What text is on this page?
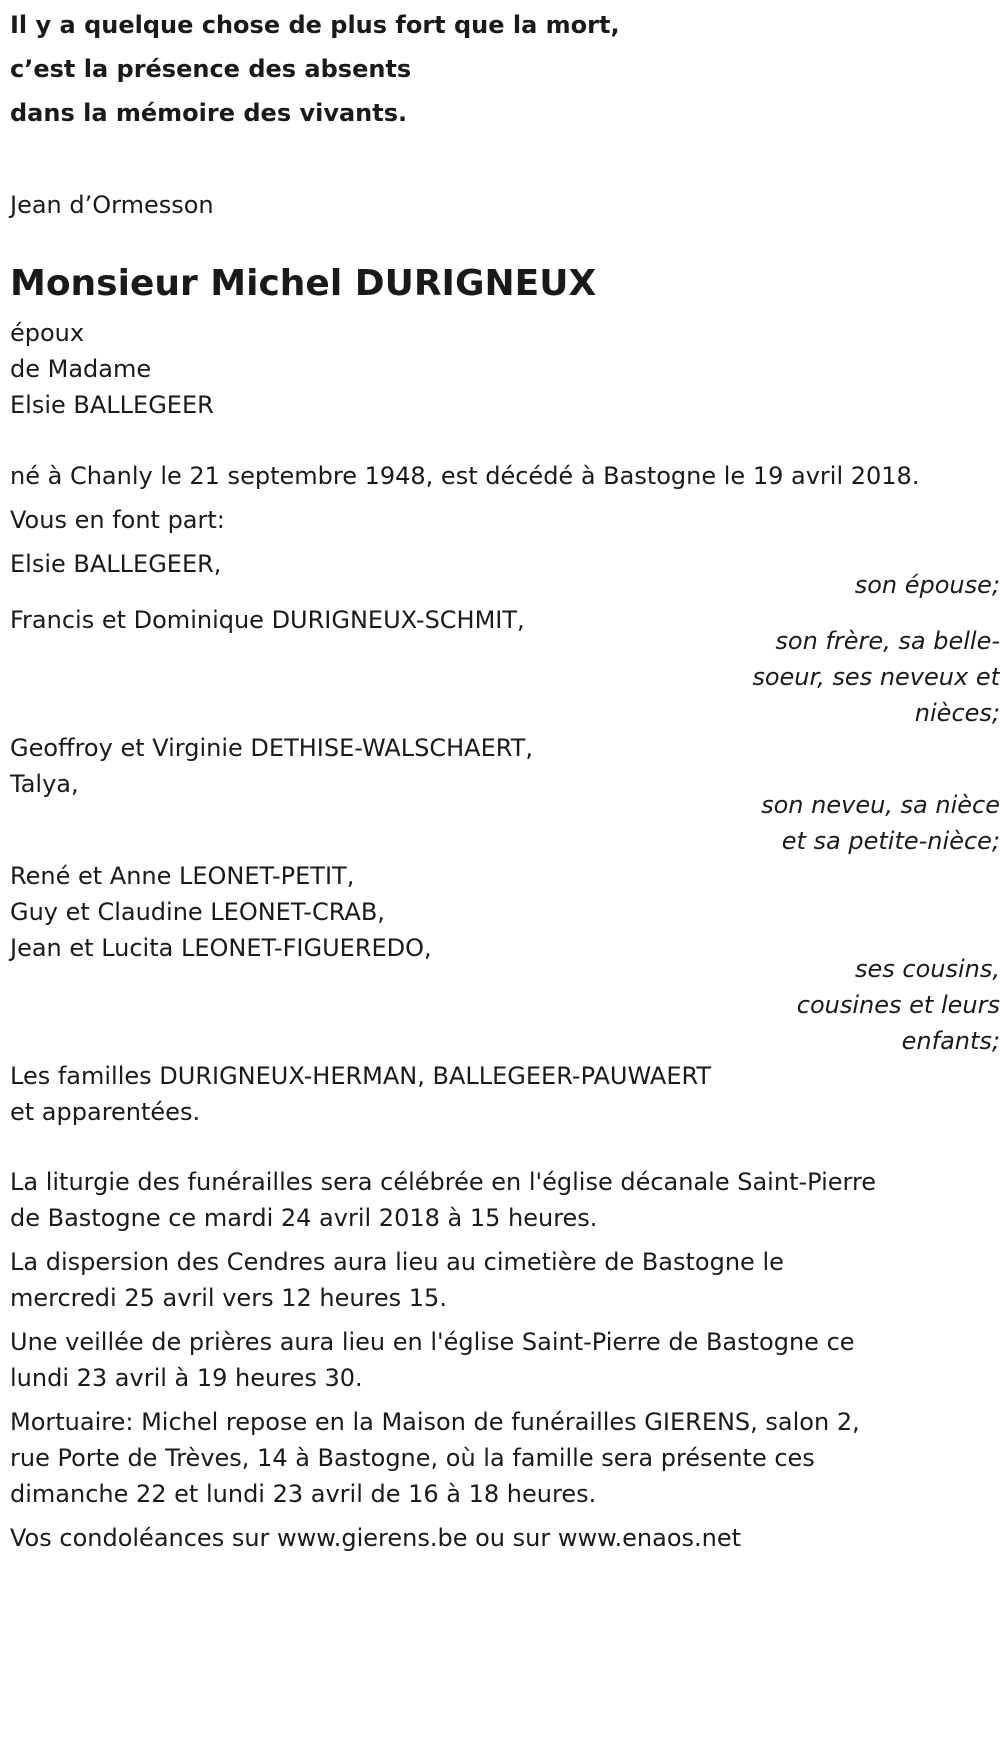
Il y a quelque chose de plus fort que la mort,

c’est la présence des absents

dans la mémoire des vivants.

Jean d’Ormesson

Monsieur Michel DURIGNEUX

époux

de Madame

Elsie BALLEGEER

né à Chanly le 21 septembre 1948, est décédé à Bastogne le 19 avril 2018.

Vous en font part:

Elsie BALLEGEER,

son épouse;

Francis et Dominique DURIGNEUX-SCHMIT,

son frère, sa belle-

soeur, ses neveux et

nièces;

Geoffroy et Virginie DETHISE-WALSCHAERT,

Talya,

son neveu, sa nièce

et sa petite-nièce;

René et Anne LEONET-PETIT,

Guy et Claudine LEONET-CRAB,

Jean et Lucita LEONET-FIGUEREDO,

ses cousins,

cousines et leurs

enfants;

Les familles DURIGNEUX-HERMAN, BALLEGEER-PAUWAERT

et apparentées.

La liturgie des funérailles sera célébrée en l'église décanale Saint-Pierre

de Bastogne ce mardi 24 avril 2018 à 15 heures.

La dispersion des Cendres aura lieu au cimetière de Bastogne le

mercredi 25 avril vers 12 heures 15.

Une veillée de prières aura lieu en l'église Saint-Pierre de Bastogne ce

lundi 23 avril à 19 heures 30.

Mortuaire: Michel repose en la Maison de funérailles GIERENS, salon 2,

rue Porte de Trèves, 14 à Bastogne, où la famille sera présente ces

dimanche 22 et lundi 23 avril de 16 à 18 heures.

Vos condoléances sur www.gierens.be ou sur www.enaos.net
